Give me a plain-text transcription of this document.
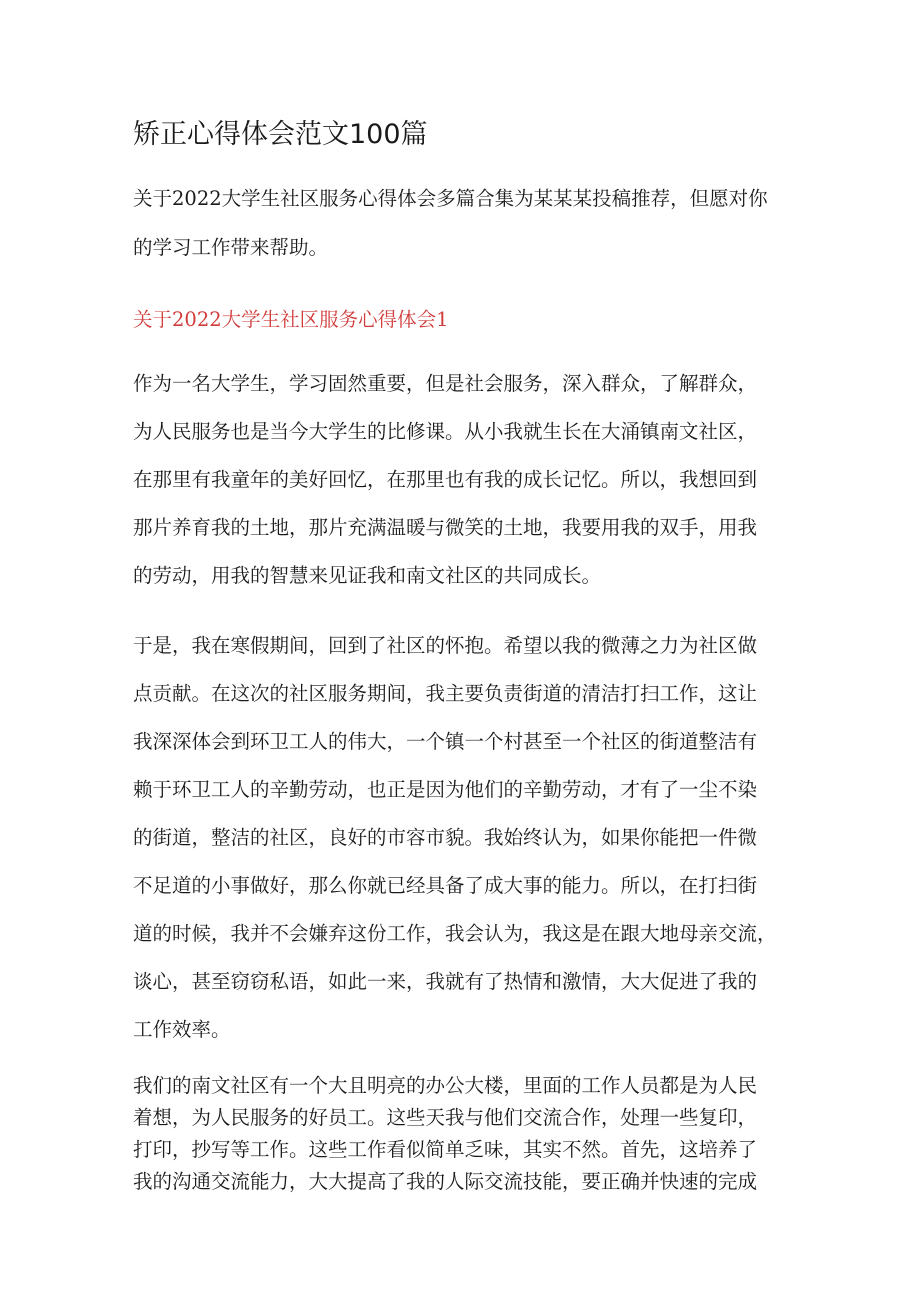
矫正心得体会范文100篇
关于2022大学生社区服务心得体会多篇合集为某某某投稿推荐，但愿对你
的学习工作带来帮助。
关于2022大学生社区服务心得体会1
作为一名大学生，学习固然重要，但是社会服务，深入群众，了解群众，
为人民服务也是当今大学生的比修课。从小我就生长在大涌镇南文社区，
在那里有我童年的美好回忆，在那里也有我的成长记忆。所以，我想回到
那片养育我的土地，那片充满温暖与微笑的土地，我要用我的双手，用我
的劳动，用我的智慧来见证我和南文社区的共同成长。
于是，我在寒假期间，回到了社区的怀抱。希望以我的微薄之力为社区做
点贡献。在这次的社区服务期间，我主要负责街道的清洁打扫工作，这让
我深深体会到环卫工人的伟大，一个镇一个村甚至一个社区的街道整洁有
赖于环卫工人的辛勤劳动，也正是因为他们的辛勤劳动，才有了一尘不染
的街道，整洁的社区，良好的市容市貌。我始终认为，如果你能把一件微
不足道的小事做好，那么你就已经具备了成大事的能力。所以，在打扫街
道的时候，我并不会嫌弃这份工作，我会认为，我这是在跟大地母亲交流，
谈心，甚至窃窃私语，如此一来，我就有了热情和激情，大大促进了我的
工作效率。
我们的南文社区有一个大且明亮的办公大楼，里面的工作人员都是为人民
着想，为人民服务的好员工。这些天我与他们交流合作，处理一些复印，
打印，抄写等工作。这些工作看似简单乏味，其实不然。首先，这培养了
我的沟通交流能力，大大提高了我的人际交流技能，要正确并快速的完成
